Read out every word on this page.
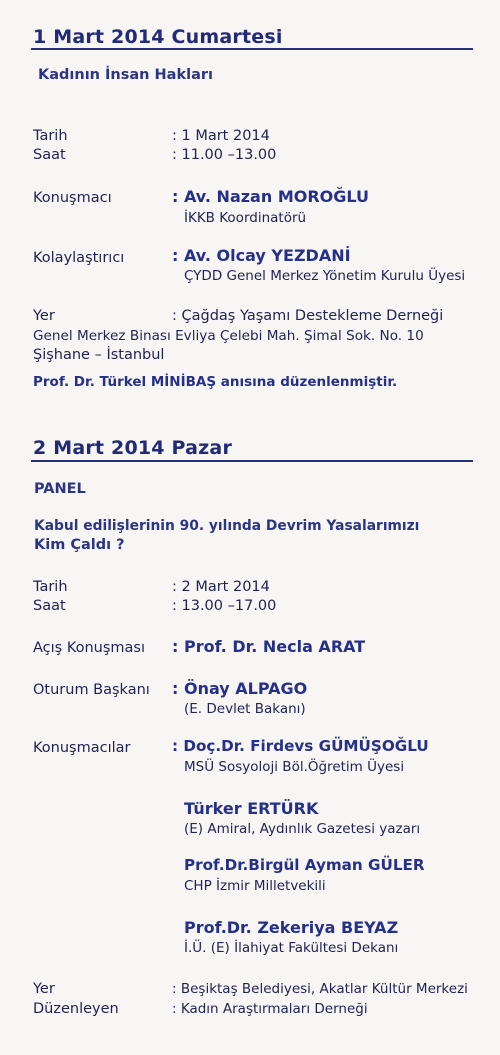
1 Mart 2014 Cumartesi
Kadının İnsan Hakları
Tarih	: 1 Mart 2014
Saat	: 11.00 –13.00
Konuşmacı	: Av. Nazan MOROĞLU
İKKB Koordinatörü
Kolaylaştırıcı	: Av. Olcay YEZDANİ
ÇYDD Genel Merkez Yönetim Kurulu Üyesi
Yer	: Çağdaş Yaşamı Destekleme Derneği
Genel Merkez Binası Evliya Çelebi Mah. Şimal Sok. No. 10
Şişhane – İstanbul
Prof. Dr. Türkel MİNİBAŞ anısına düzenlenmiştir.
2 Mart 2014 Pazar
PANEL
Kabul edilişlerinin 90. yılında Devrim Yasalarımızı
Kim Çaldı ?
Tarih	: 2 Mart 2014
Saat	: 13.00 –17.00
Açış Konuşması : Prof. Dr. Necla ARAT
Oturum Başkanı : Önay ALPAGO
(E. Devlet Bakanı)
Konuşmacılar	: Doç.Dr. Firdevs GÜMÜŞOĞLU
MSÜ Sosyoloji Böl.Öğretim Üyesi
Türker ERTÜRK
(E) Amiral, Aydınlık Gazetesi yazarı
Prof.Dr.Birgül Ayman GÜLER
CHP İzmir Milletvekili
Prof.Dr. Zekeriya BEYAZ
İ.Ü. (E) İlahiyat Fakültesi Dekanı
Yer	: Beşiktaş Belediyesi, Akatlar Kültür Merkezi
Düzenleyen	: Kadın Araştırmaları Derneği
